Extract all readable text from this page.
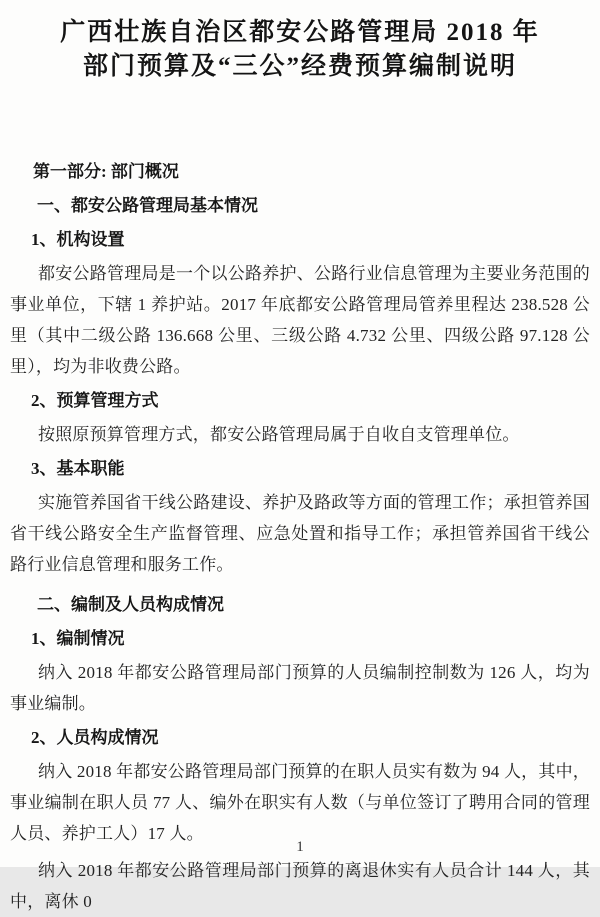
广西壮族自治区都安公路管理局 2018 年
部门预算及“三公”经费预算编制说明

第一部分: 部门概况

一、都安公路管理局基本情况

1、机构设置

都安公路管理局是一个以公路养护、公路行业信息管理为主要业务范围的事业单位，下辖 1 养护站。2017 年底都安公路管理局管养里程达 238.528 公里（其中二级公路 136.668 公里、三级公路 4.732 公里、四级公路 97.128 公里），均为非收费公路。

2、预算管理方式

按照原预算管理方式，都安公路管理局属于自收自支管理单位。

3、基本职能

实施管养国省干线公路建设、养护及路政等方面的管理工作；承担管养国省干线公路安全生产监督管理、应急处置和指导工作；承担管养国省干线公路行业信息管理和服务工作。

二、编制及人员构成情况

1、编制情况

纳入 2018 年都安公路管理局部门预算的人员编制控制数为 126 人，均为事业编制。

2、人员构成情况

纳入 2018 年都安公路管理局部门预算的在职人员实有数为 94 人，其中，事业编制在职人员 77 人、编外在职实有人数（与单位签订了聘用合同的管理人员、养护工人）17 人。

纳入 2018 年都安公路管理局部门预算的离退休实有人员合计 144 人，其中，离休 0

1
